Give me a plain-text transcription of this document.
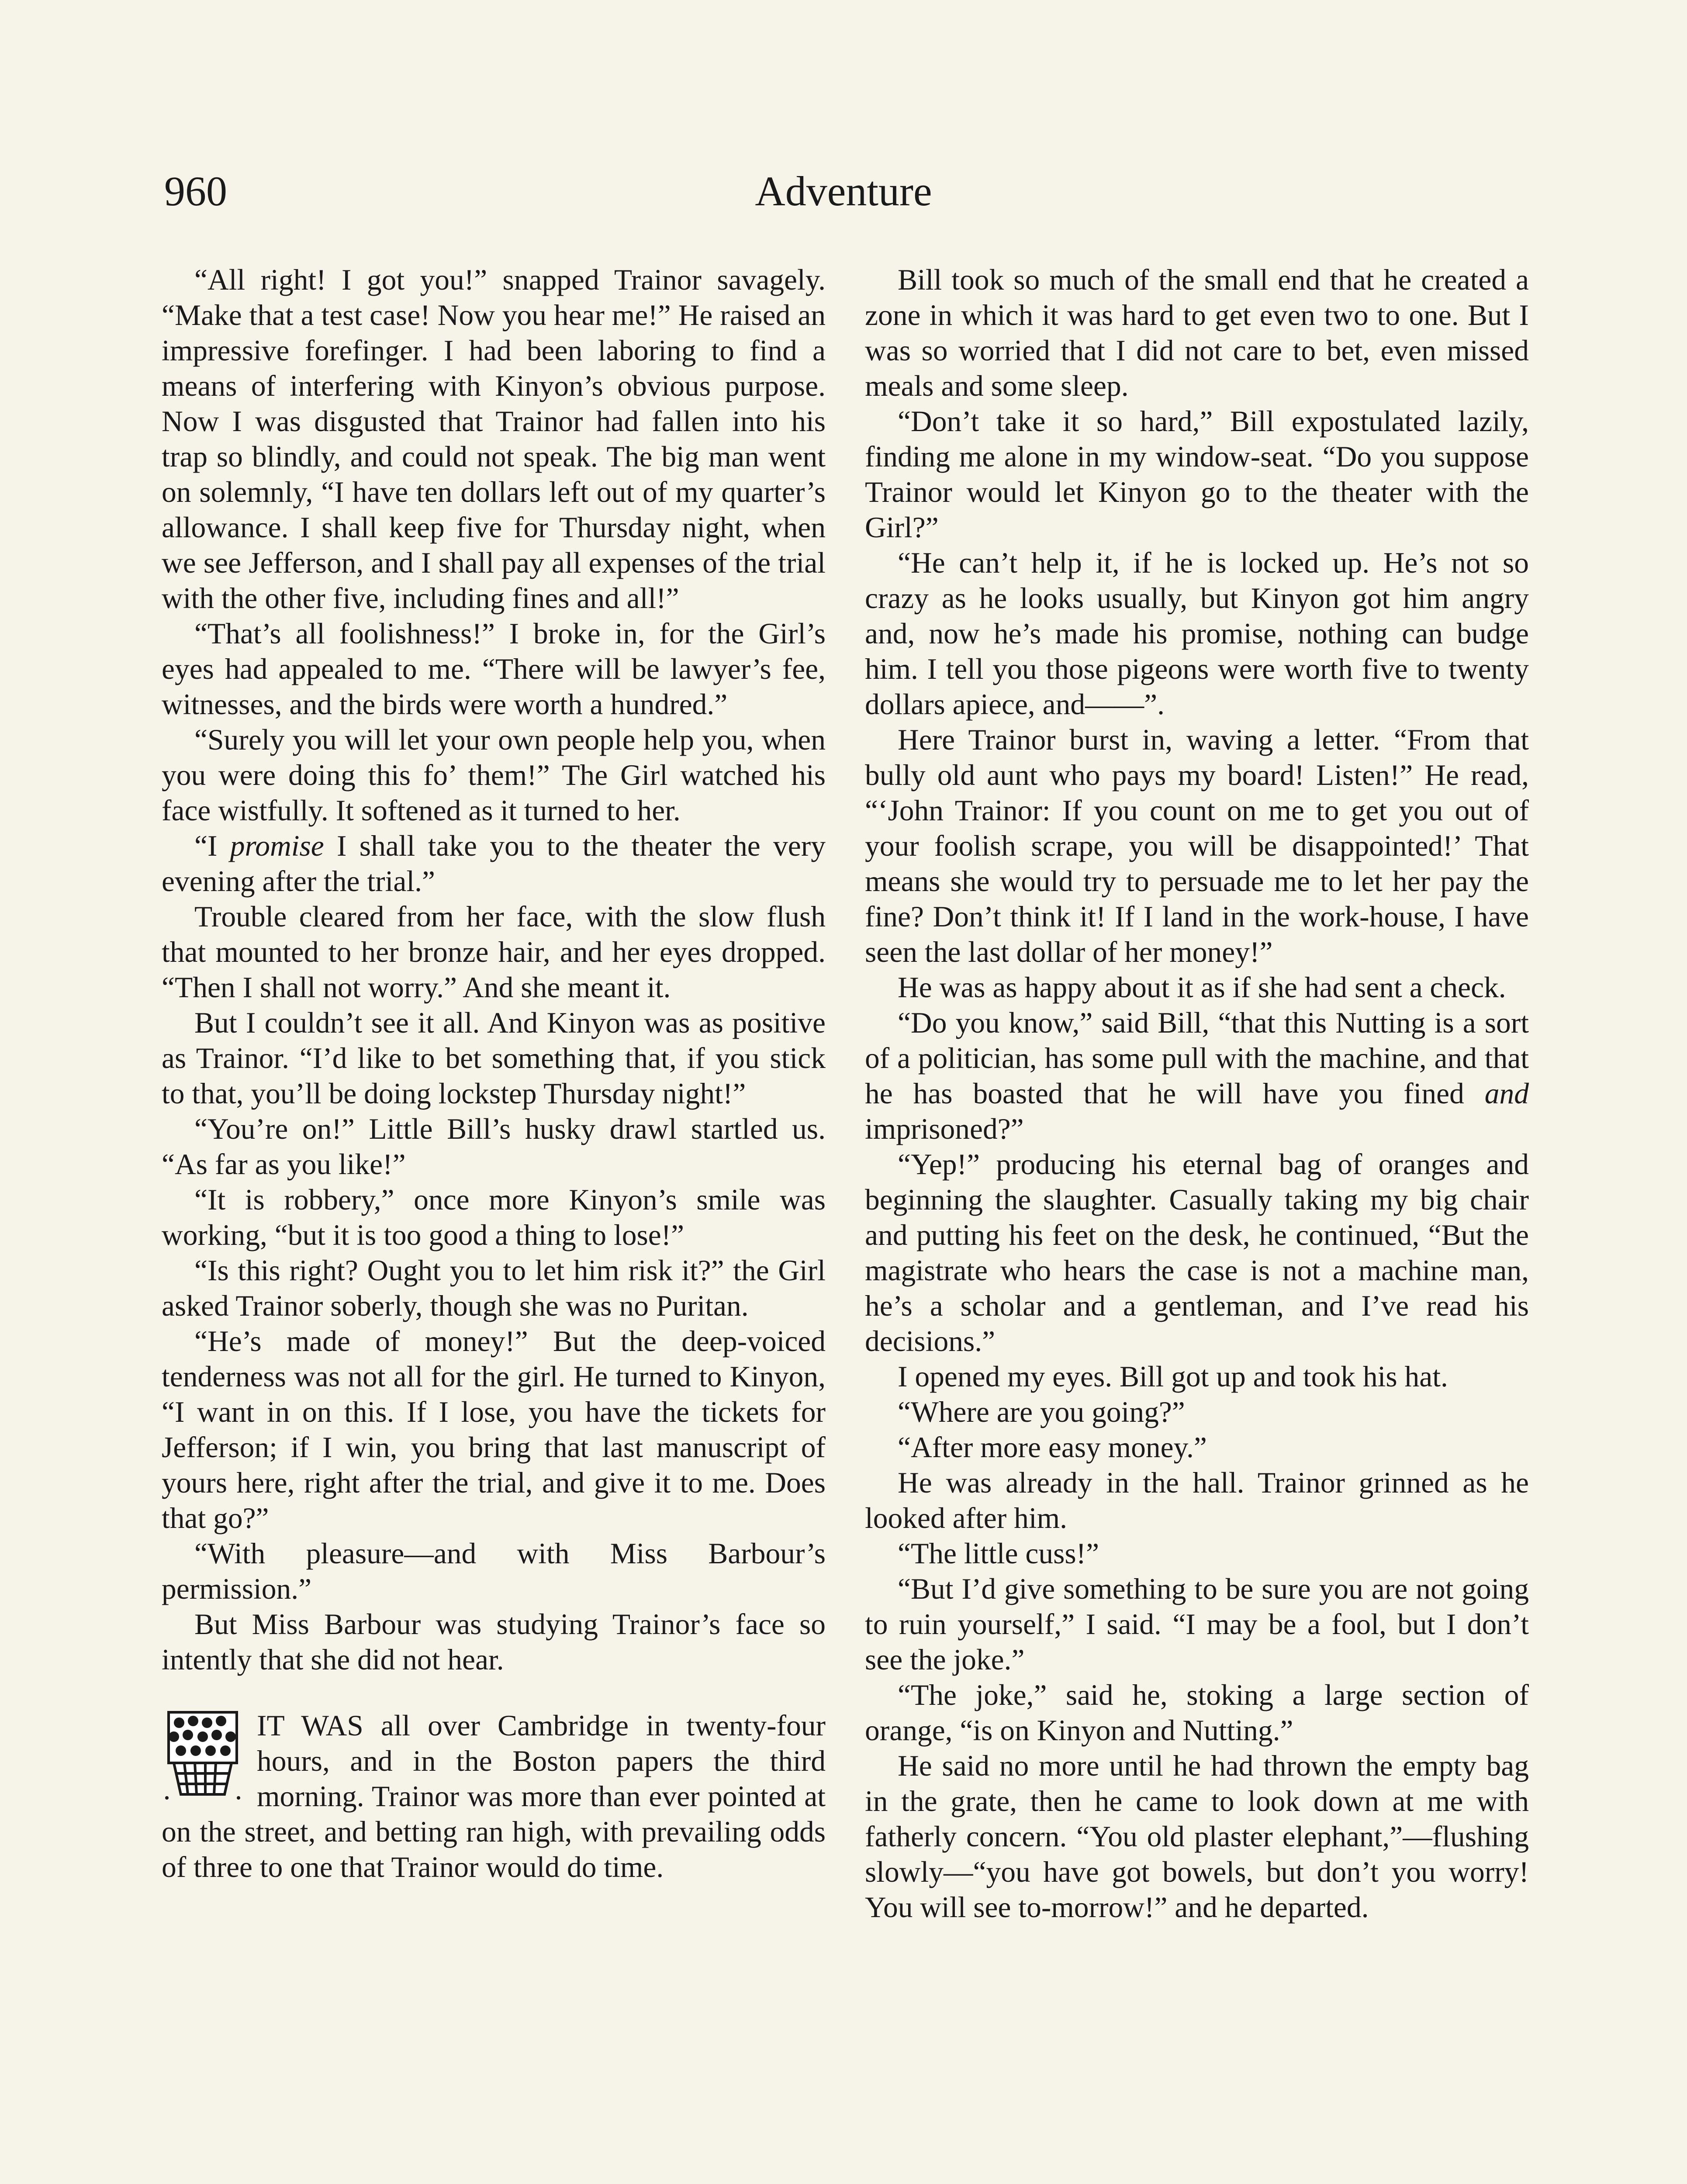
960	Adventure

“All right! I got you!” snapped Trainor savagely. “Make that a test case! Now you hear me!” He raised an impressive forefinger. I had been laboring to find a means of interfering with Kinyon’s obvious purpose. Now I was disgusted that Trainor had fallen into his trap so blindly, and could not speak. The big man went on solemnly, “I have ten dollars left out of my quarter’s allowance. I shall keep five for Thursday night, when we see Jefferson, and I shall pay all expenses of the trial with the other five, including fines and all!”

“That’s all foolishness!” I broke in, for the Girl’s eyes had appealed to me. “There will be lawyer’s fee, witnesses, and the birds were worth a hundred.”

“Surely you will let your own people help you, when you were doing this fo’ them!” The Girl watched his face wistfully. It softened as it turned to her.

“I promise I shall take you to the theater the very evening after the trial.”

Trouble cleared from her face, with the slow flush that mounted to her bronze hair, and her eyes dropped. “Then I shall not worry.” And she meant it.

But I couldn’t see it all. And Kinyon was as positive as Trainor. “I’d like to bet something that, if you stick to that, you’ll be doing lockstep Thursday night!”

“You’re on!” Little Bill’s husky drawl startled us. “As far as you like!”

“It is robbery,” once more Kinyon’s smile was working, “but it is too good a thing to lose!”

“Is this right? Ought you to let him risk it?” the Girl asked Trainor soberly, though she was no Puritan.

“He’s made of money!” But the deep-voiced tenderness was not all for the girl. He turned to Kinyon, “I want in on this. If I lose, you have the tickets for Jefferson; if I win, you bring that last manuscript of yours here, right after the trial, and give it to me. Does that go?”

“With pleasure—and with Miss Barbour’s permission.”

But Miss Barbour was studying Trainor’s face so intently that she did not hear.

IT WAS all over Cambridge in twenty-four hours, and in the Boston papers the third morning. Trainor was more than ever pointed at on the street, and betting ran high, with prevailing odds of three to one that Trainor would do time.

Bill took so much of the small end that he created a zone in which it was hard to get even two to one. But I was so worried that I did not care to bet, even missed meals and some sleep.

“Don’t take it so hard,” Bill expostulated lazily, finding me alone in my window-seat. “Do you suppose Trainor would let Kinyon go to the theater with the Girl?”

“He can’t help it, if he is locked up. He’s not so crazy as he looks usually, but Kinyon got him angry and, now he’s made his promise, nothing can budge him. I tell you those pigeons were worth five to twenty dollars apiece, and——”.

Here Trainor burst in, waving a letter. “From that bully old aunt who pays my board! Listen!” He read, “‘John Trainor: If you count on me to get you out of your foolish scrape, you will be disappointed!’ That means she would try to persuade me to let her pay the fine? Don’t think it! If I land in the work-house, I have seen the last dollar of her money!”

He was as happy about it as if she had sent a check.

“Do you know,” said Bill, “that this Nutting is a sort of a politician, has some pull with the machine, and that he has boasted that he will have you fined and imprisoned?”

“Yep!” producing his eternal bag of oranges and beginning the slaughter. Casually taking my big chair and putting his feet on the desk, he continued, “But the magistrate who hears the case is not a machine man, he’s a scholar and a gentleman, and I’ve read his decisions.”

I opened my eyes. Bill got up and took his hat.

“Where are you going?”

“After more easy money.”

He was already in the hall. Trainor grinned as he looked after him.

“The little cuss!”

“But I’d give something to be sure you are not going to ruin yourself,” I said. “I may be a fool, but I don’t see the joke.”

“The joke,” said he, stoking a large section of orange, “is on Kinyon and Nutting.”

He said no more until he had thrown the empty bag in the grate, then he came to look down at me with fatherly concern. “You old plaster elephant,”—flushing slowly—“you have got bowels, but don’t you worry! You will see to-morrow!” and he departed.
